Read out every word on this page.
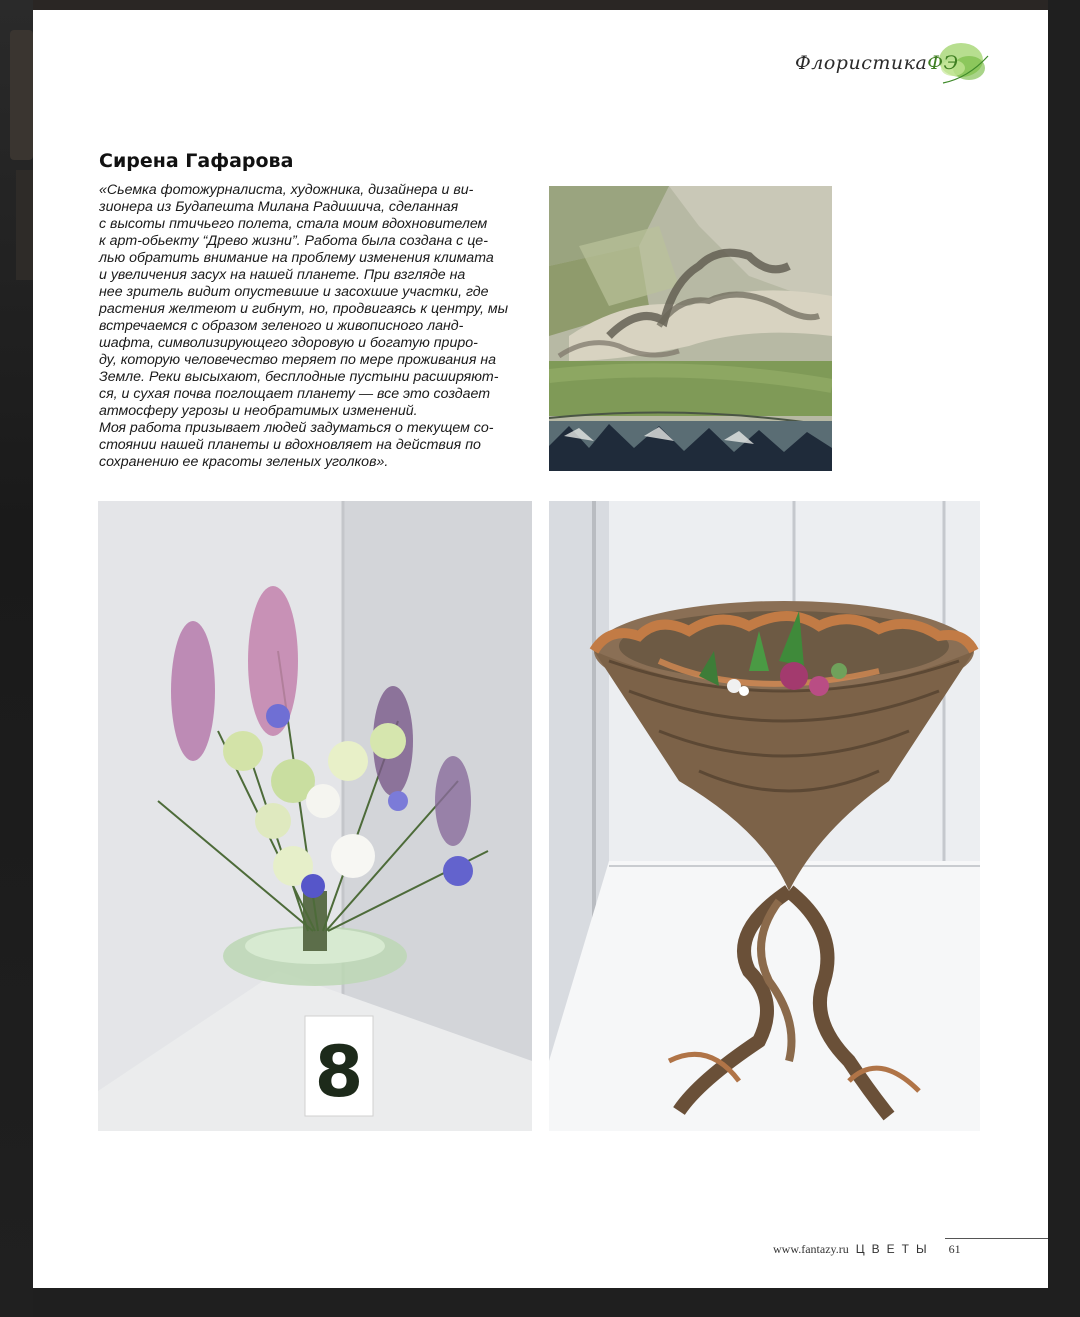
ФлористикаФЭ
Сирена Гафарова

«Сьемка фотожурналиста, художника, дизайнера и ви-

зионера из Будапешта Милана Радишича, сделанная

с высоты птичьего полета, стала моим вдохновителем

к арт-обьекту “Древо жизни”. Работа была создана с це-

лью обратить внимание на проблему изменения климата

и увеличения засух на нашей планете. При взгляде на

нее зритель видит опустевшие и засохшие участки, где

растения желтеют и гибнут, но, продвигаясь к центру, мы

встречаемся с образом зеленого и живописного ланд-

шафта, символизирующего здоровую и богатую приро-

ду, которую человечество теряет по мере проживания на

Земле. Реки высыхают, бесплодные пустыни расширяют-

ся, и сухая почва поглощает планету — все это создает

атмосферу угрозы и необратимых изменений.

Моя работа призывает людей задуматься о текущем со-

стоянии нашей планеты и вдохновляет на действия по

сохранению ее красоты зеленых уголков».

8
www.fantazy.ru ЦВЕТЫ 61
